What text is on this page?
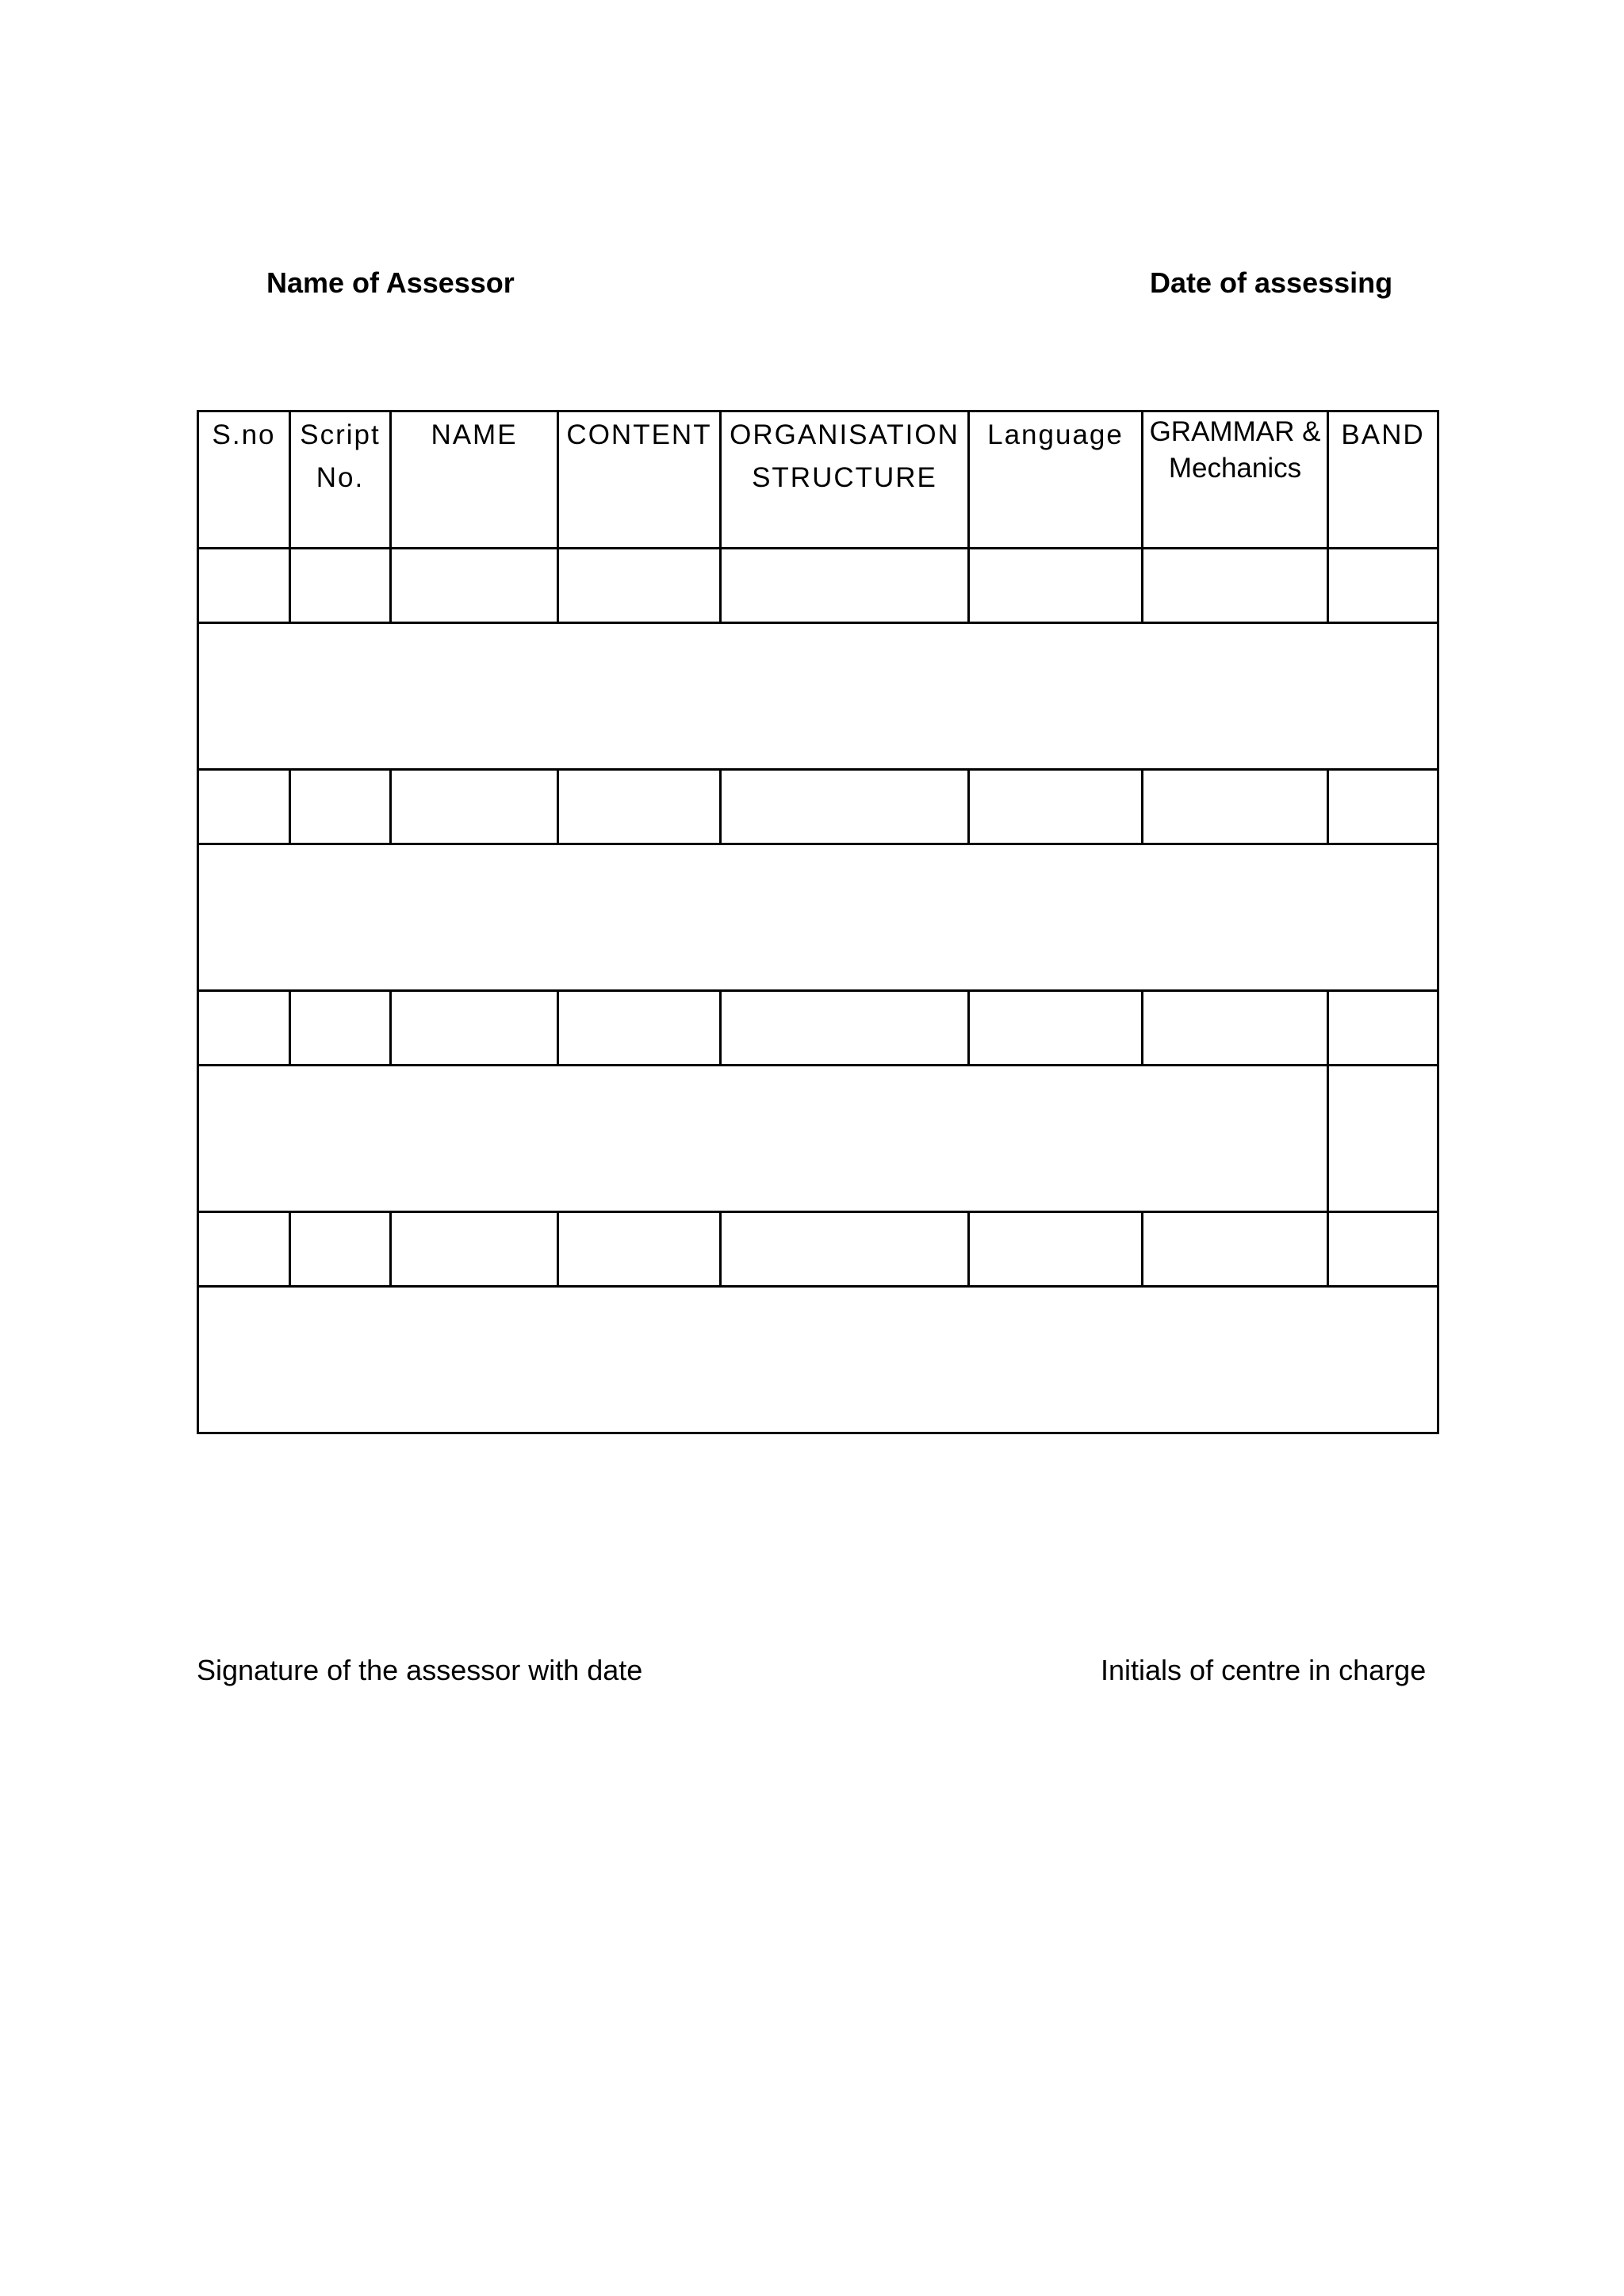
Name of Assessor	Date of assessing
S.no	Script No.	NAME	CONTENT	ORGANISATION STRUCTURE	Language	GRAMMAR & Mechanics	BAND

Signature of the assessor with date	Initials of centre in charge
